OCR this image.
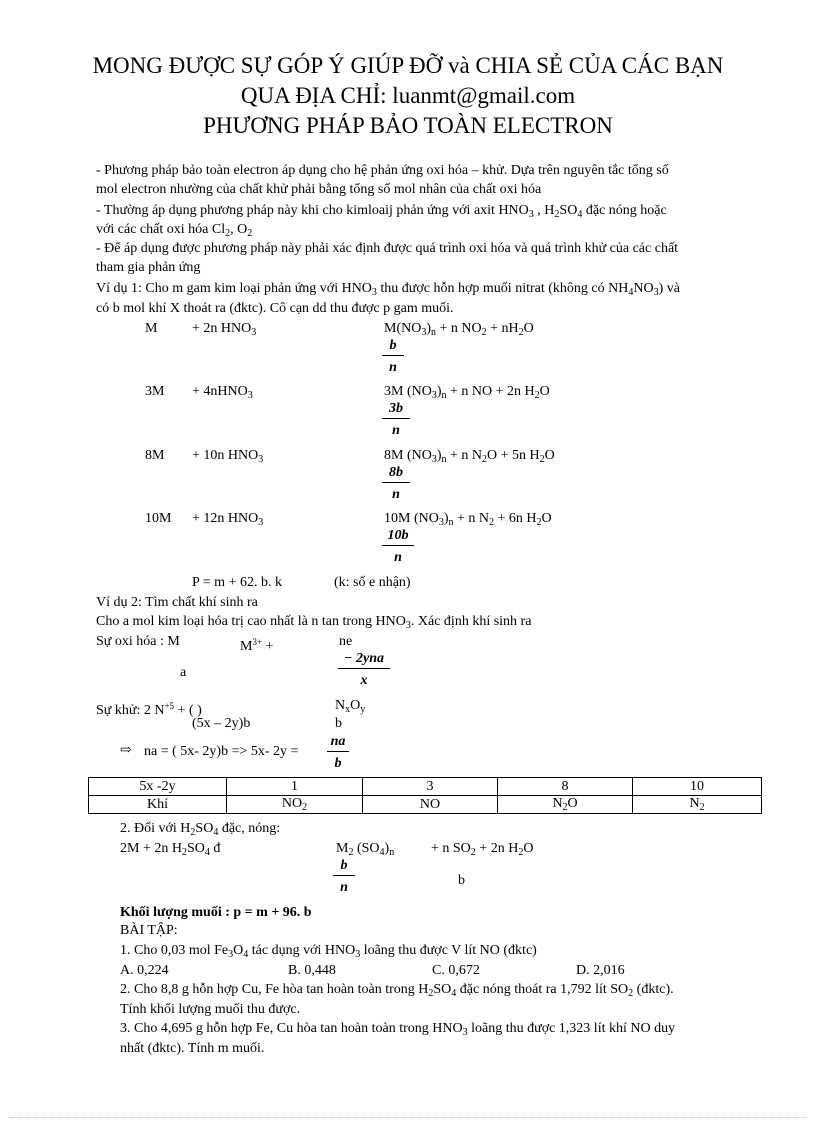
MONG ĐƯỢC SỰ GÓP Ý GIÚP ĐỠ và CHIA SẺ CỦA CÁC BẠN
QUA ĐỊA CHỈ: luanmt@gmail.com
PHƯƠNG PHÁP BẢO TOÀN ELECTRON
- Phương pháp bảo toàn electron áp dụng cho hệ phản ứng oxi hóa – khử. Dựa trên nguyên tắc tổng số
mol electron nhường của chất khử phải bằng tổng số mol nhân của chất oxi hóa
- Thường áp dụng phương pháp này khi cho kimloaij phản ứng với axit $HNO_3$ , $H_2SO_4$ đặc nóng hoặc
với các chất oxi hóa $Cl_2$, $O_2$
- Để áp dụng được phương pháp này phải xác định được quá trình oxi hóa và quá trình khử của các chất
tham gia phản ứng
Ví dụ 1: Cho m gam kim loại phản ứng với $HNO_3$ thu được hỗn hợp muối nitrat (không có $NH_4NO_3$) và
có b mol khí X thoát ra (đktc). Cô cạn dd thu được p gam muối.
M + 2n $HNO_3$	$M(NO_3)_n + n$ $NO_2 + nH_2O$
$\frac{b}{n}$
3M + 4nHNO$_3$	3M $(NO_3)_n + n$ NO + 2n $H_2O$
$\frac{3b}{n}$
8M + 10n $HNO_3$	8M $(NO_3)_n + n$ $N_2O + 5n$ $H_2O$
$\frac{8b}{n}$
10M + 12n $HNO_3$	10M $(NO_3)_n + n$ $N_2 + 6n$ $H_2O$
$\frac{10b}{n}$
P = m + 62. b. k	(k: số e nhận)
Ví dụ 2: Tìm chất khí sinh ra
Cho a mol kim loại hóa trị cao nhất là n tan trong $HNO_3$. Xác định khí sinh ra
Sự oxi hóa : M	$M^{3+}$ +	ne
a
− 2yna
x
Sự khử: 2 $N^{+5}$ + ( )	$N_xO_y$
(5x – 2y)b	b
⇨ na = ( 5x- 2y)b => 5x- $2y = \frac{na}{b}$
5x -2y	1	3	8	10
Khí	$NO_2$	NO	$N_2O$	$N_2$
2. Đối với $H_2SO_4$ đặc, nóng:
2M + 2n $H_2SO_4$ đ	$M_2$ $(SO_4)_n$	+ n $SO_2 + 2n$ $H_2O$
$\frac{b}{n}$	b
Khối lượng muối : p = m + 96. b
BÀI TẬP:
1. Cho 0,03 mol $Fe_3O_4$ tác dụng với $HNO_3$ loãng thu được V lít NO (đktc)
A. 0,224	B. 0,448	C. 0,672	D. 2,016
2. Cho 8,8 g hỗn hợp Cu, Fe hòa tan hoàn toàn trong $H_2SO_4$ đặc nóng thoát ra 1,792 lít $SO_2$ (đktc).
Tính khối lượng muối thu được.
3. Cho 4,695 g hỗn hợp Fe, Cu hòa tan hoàn toàn trong $HNO_3$ loãng thu được 1,323 lít khí NO duy
nhất (đktc). Tính m muối.
